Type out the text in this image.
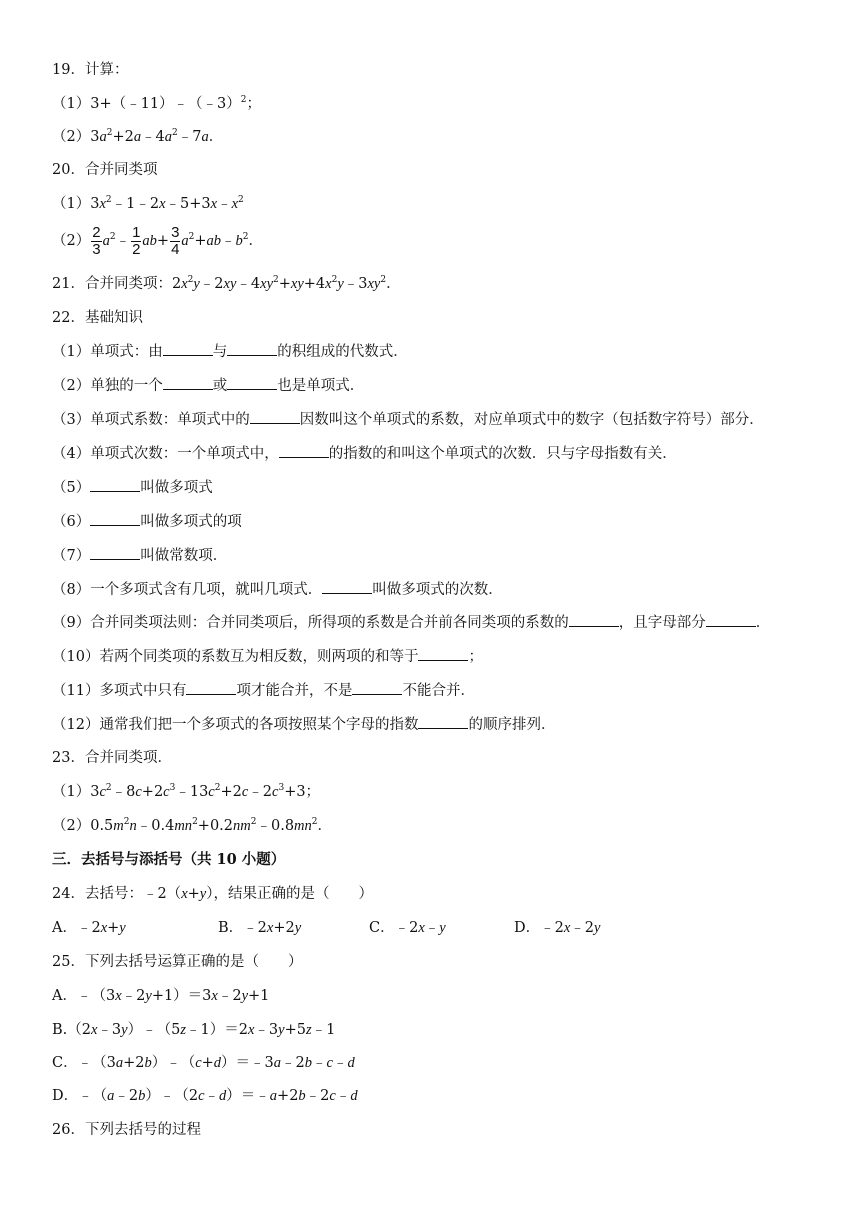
19．计算：
（1）3+（﹣11）﹣（﹣3）$^2$；
$(2)3a^2+2a﹣4a^2﹣7a$．
20．合并同类项
$(1)3x^2﹣1﹣2x﹣5+3x﹣x^2$
$(2) \frac{2}{3}$ $a^2﹣ \frac{1}{2} ab+ \frac{3}{4}$ $a^2+ab﹣b^2$．
21．合并同类项：$2x^2y﹣2xy﹣4xy^2+xy+4x^2y﹣3xy^2$．
22．基础知识
（1）单项式：由	与	的积组成的代数式．
（2）单独的一个	或	也是单项式．
（3）单项式系数：单项式中的	因数叫这个单项式的系数，对应单项式中的数字（包括数字符号）部分．
（4）单项式次数：一个单项式中，	的指数的和叫这个单项式的次数．只与字母指数有关．
（5）	叫做多项式
（6）	叫做多项式的项
（7）	叫做常数项．
（8）一个多项式含有几项，就叫几项式．	叫做多项式的次数．
（9）合并同类项法则：合并同类项后，所得项的系数是合并前各同类项的系数的	，且字母部分	．
（10）若两个同类项的系数互为相反数，则两项的和等于	；
（11）多项式中只有	项才能合并，不是	不能合并．
（12）通常我们把一个多项式的各项按照某个字母的指数	的顺序排列．
23．合并同类项．
$(1)3c^2﹣8c+2c^3﹣13c^2+2c﹣2c^3+3$；
$(2)0.5m^2n﹣0.4mn^2+0.2nm^2﹣0.8mn^2$．
三．去括号与添括号（共 10 小题）
24．去括号：﹣2（x+y），结果正确的是（　　）
A．﹣2x+y	B．﹣2x+2y	C．﹣2x﹣y	D．﹣2x﹣2y
25．下列去括号运算正确的是（　　）
A．﹣（3x﹣2y+1）＝3x﹣2y+1
B.（2x﹣3y）﹣（5z﹣1）＝2x﹣3y+5z﹣1
C．﹣（3a+2b）﹣（c+d）＝﹣3a﹣2b﹣c﹣d
D．﹣（a﹣2b）﹣（2c﹣d）＝﹣a+2b﹣2c﹣d
26．下列去括号的过程
